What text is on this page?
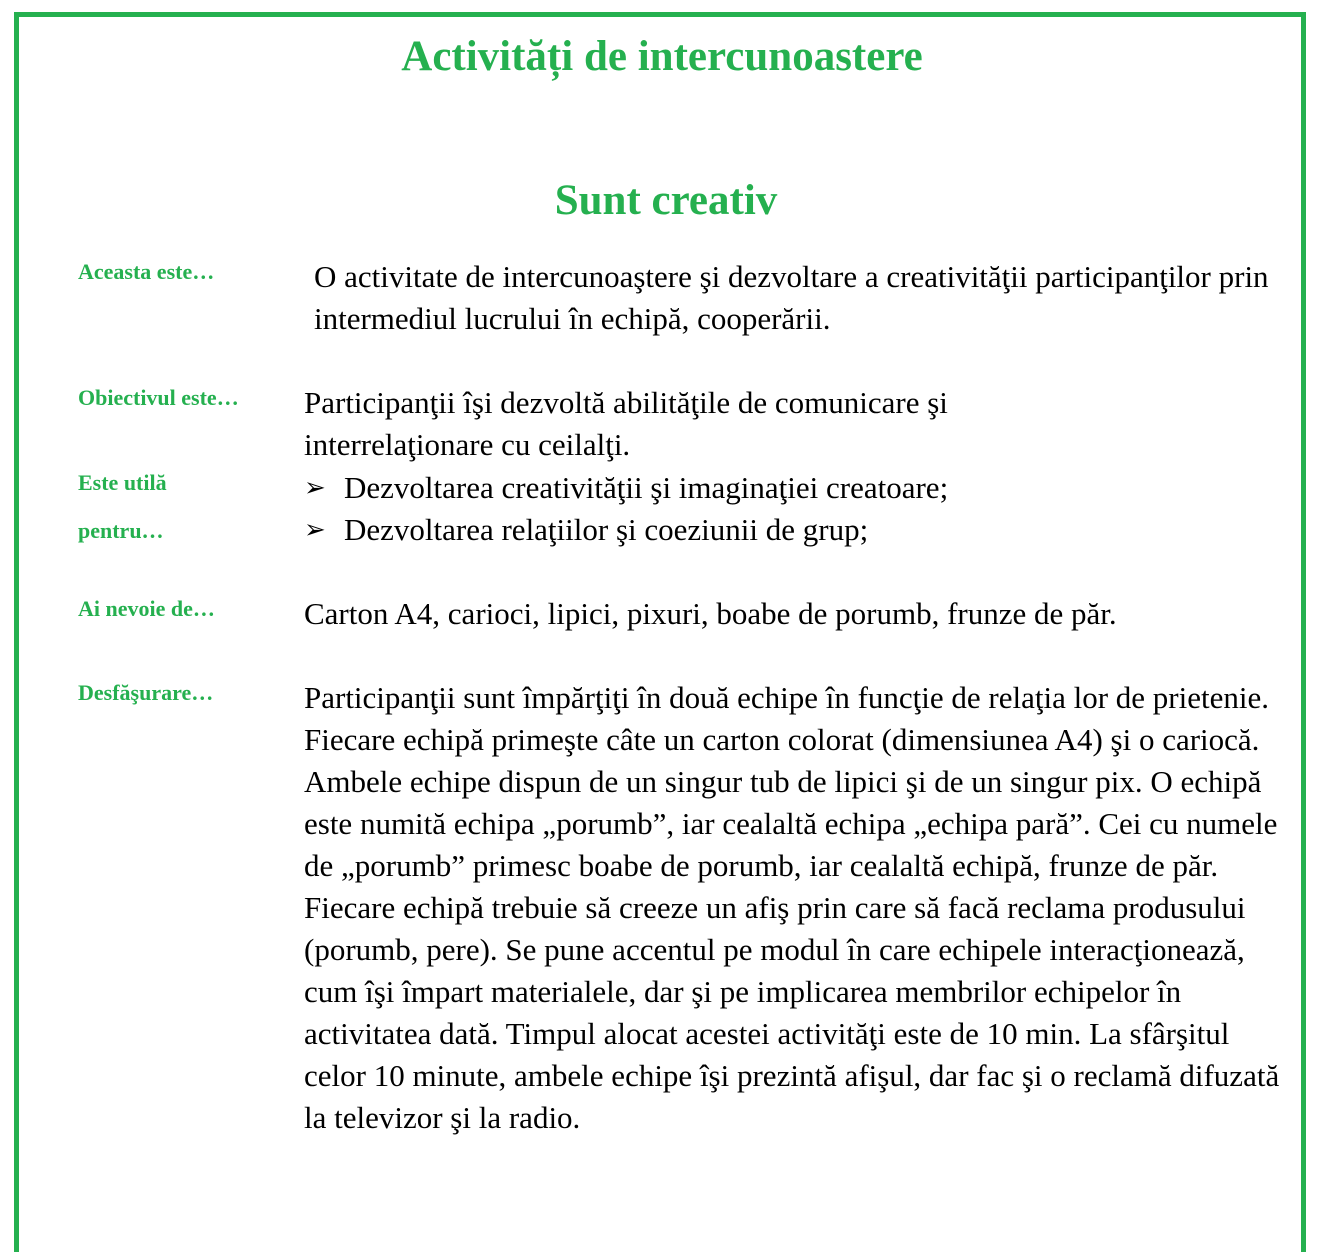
Activități de intercunoastere
Sunt creativ
Aceasta este…	O activitate de intercunoaştere şi dezvoltare a creativităţii participanţilor prin intermediul lucrului în echipă, cooperării.

Obiectivul este… Participanţii îşi dezvoltă abilităţile de comunicare şi interrelaţionare cu ceilalţi.

Este utilă
pentru…
➢ Dezvoltarea creativităţii şi imaginaţiei creatoare;
➢ Dezvoltarea relaţiilor şi coeziunii de grup;
Ai nevoie de…	Carton A4, carioci, lipici, pixuri, boabe de porumb, frunze de păr.

Desfăşurare…	Participanţii sunt împărţiţi în două echipe în funcţie de relaţia lor de prietenie. Fiecare echipă primeşte câte un carton colorat (dimensiunea A4) şi o cariocă. Ambele echipe dispun de un singur tub de lipici şi de un singur pix. O echipă este numită echipa „porumb”, iar cealaltă echipa „echipa pară”. Cei cu numele de „porumb” primesc boabe de porumb, iar cealaltă echipă, frunze de păr. Fiecare echipă trebuie să creeze un afiş prin care să facă reclama produsului (porumb, pere). Se pune accentul pe modul în care echipele interacţionează, cum îşi împart materialele, dar şi pe implicarea membrilor echipelor în activitatea dată. Timpul alocat acestei activităţi este de 10 min. La sfârşitul celor 10 minute, ambele echipe îşi prezintă afişul, dar fac şi o reclamă difuzată la televizor şi la radio.
